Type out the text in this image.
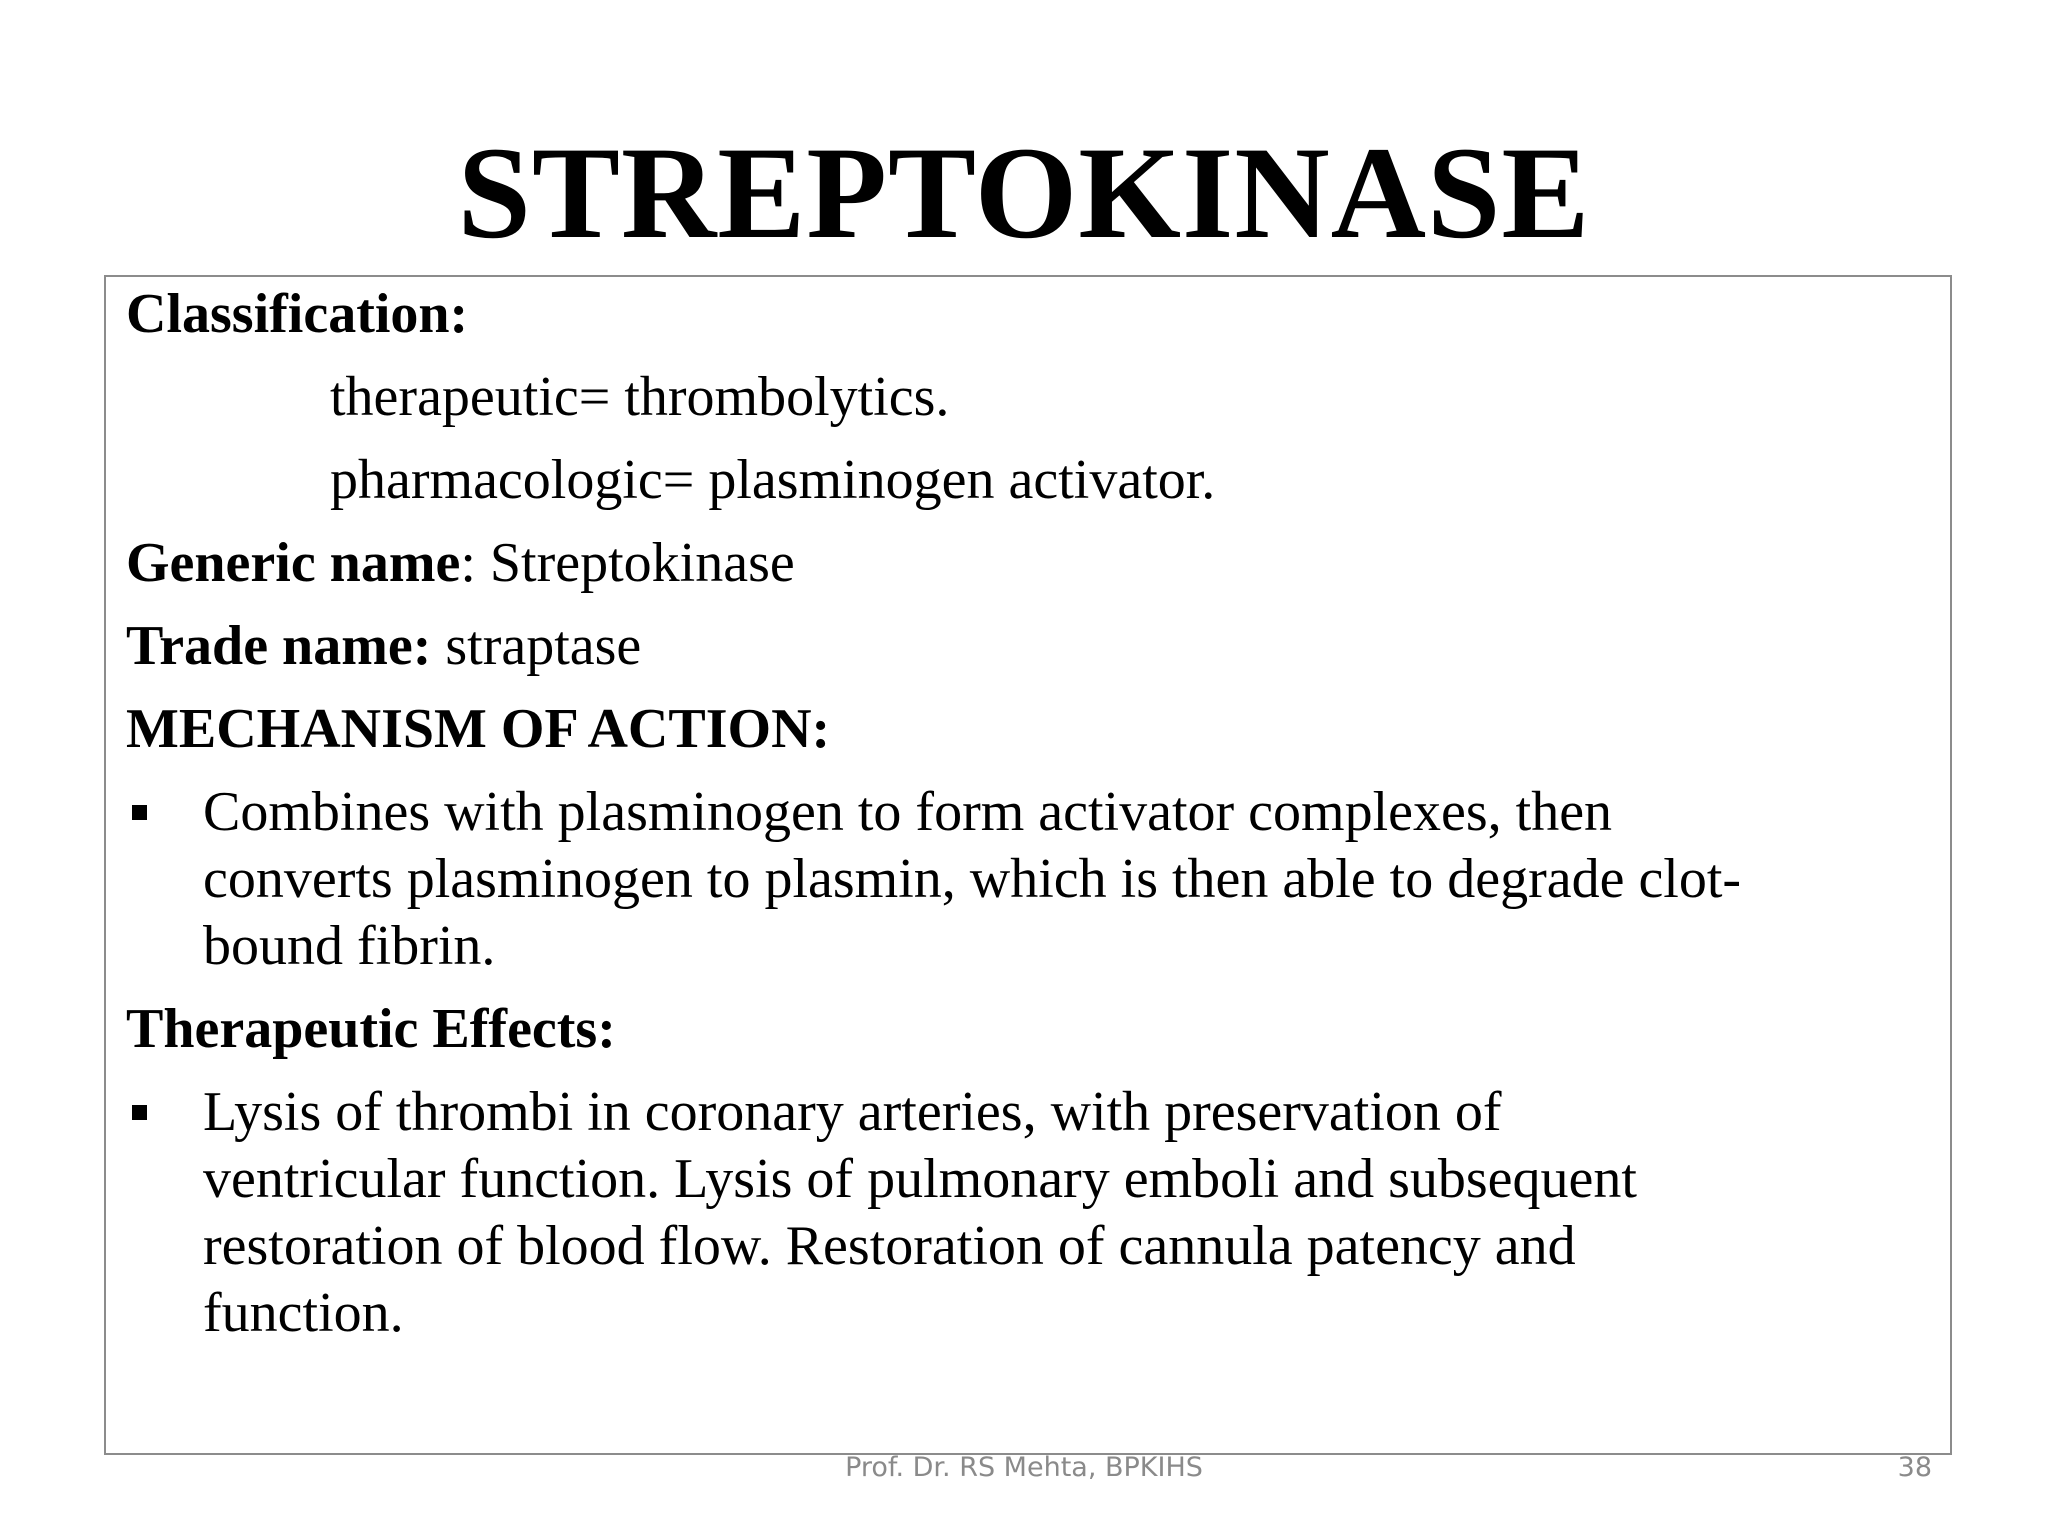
STREPTOKINASE
Classification:
therapeutic= thrombolytics.
pharmacologic= plasminogen activator.
Generic name: Streptokinase
Trade name: straptase
MECHANISM OF ACTION:
Combines with plasminogen to form activator complexes, then
converts plasminogen to plasmin, which is then able to degrade clot-
bound fibrin.
Therapeutic Effects:
Lysis of thrombi in coronary arteries, with preservation of
ventricular function. Lysis of pulmonary emboli and subsequent
restoration of blood flow. Restoration of cannula patency and
function.
Prof. Dr. RS Mehta, BPKIHS	38
